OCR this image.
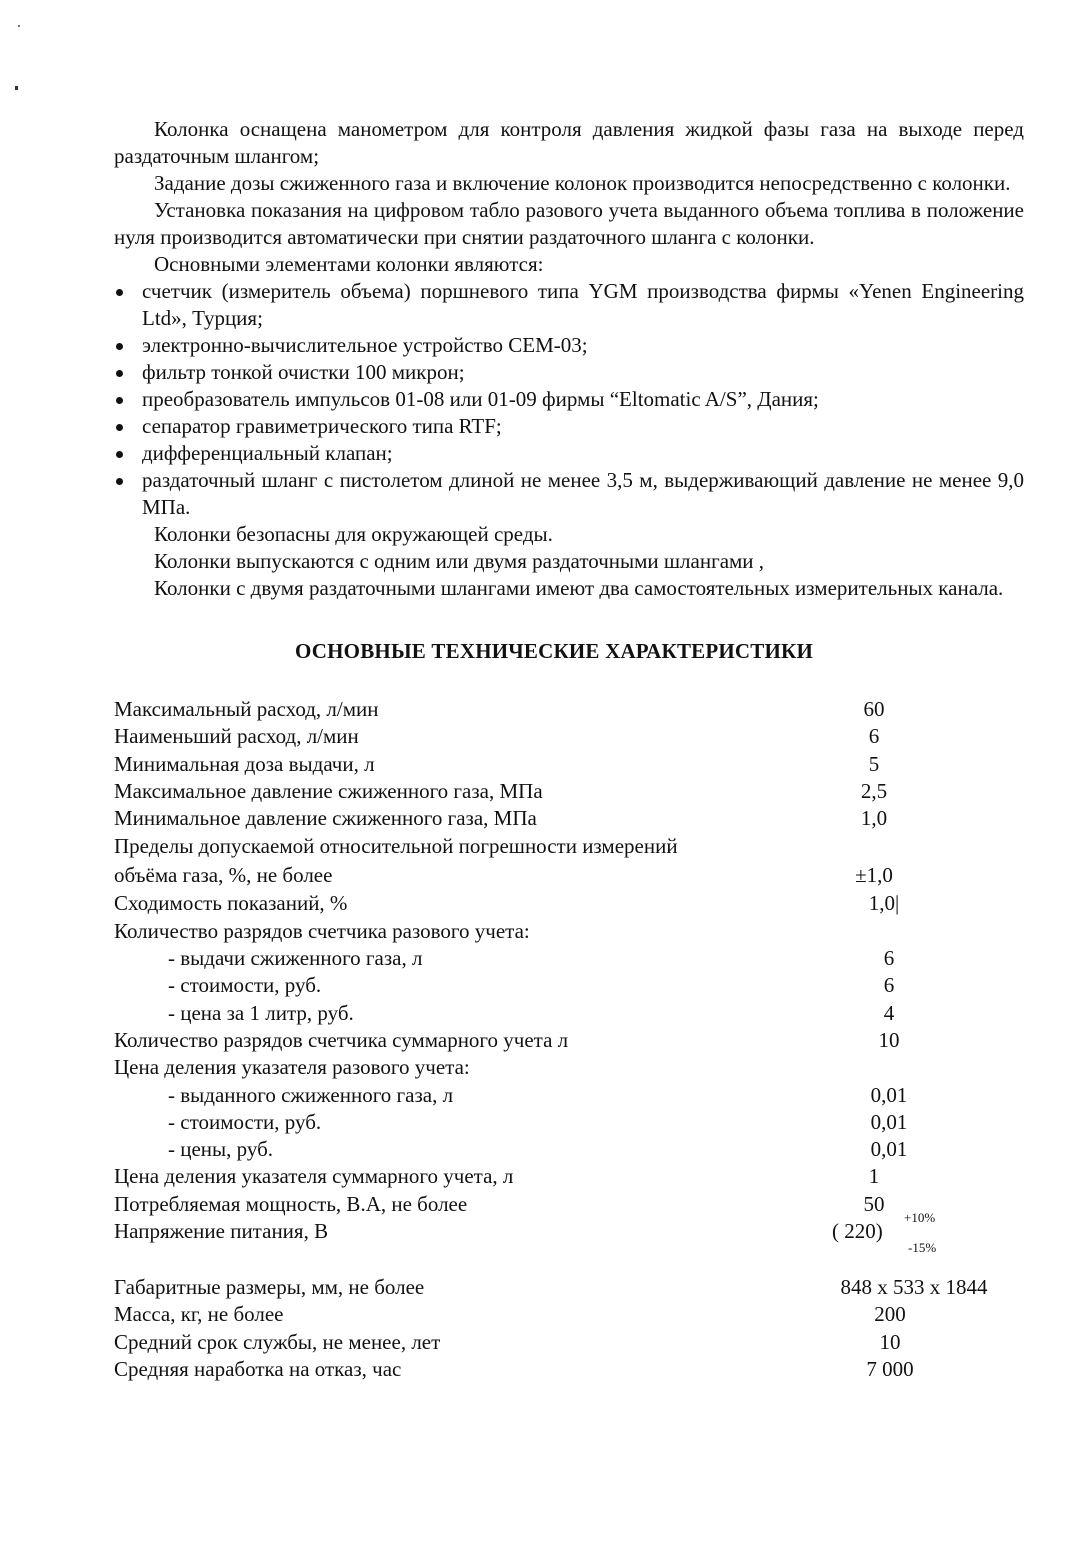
Колонка оснащена манометром для контроля давления жидкой фазы газа на выходе перед раздаточным шлангом;

Задание дозы сжиженного газа и включение колонок производится непосредственно с колонки.

Установка показания на цифровом табло разового учета выданного объема топлива в положение нуля производится автоматически при снятии раздаточного шланга с колонки.

Основными элементами колонки являются:

счетчик (измеритель объема) поршневого типа YGM производства фирмы «Yenen Engineering Ltd», Турция;
электронно-вычислительное устройство СЕМ-03;
фильтр тонкой очистки 100 микрон;
преобразователь импульсов 01-08 или 01-09 фирмы “Eltomatic A/S”, Дания;
сепаратор гравиметрического типа RTF;
дифференциальный клапан;
раздаточный шланг с пистолетом длиной не менее 3,5 м, выдерживающий давление не менее 9,0 МПа.

Колонки безопасны для окружающей среды.

Колонки выпускаются с одним или двумя раздаточными шлангами ,

Колонки с двумя раздаточными шлангами имеют два самостоятельных измерительных канала.

ОСНОВНЫЕ ТЕХНИЧЕСКИЕ ХАРАКТЕРИСТИКИ
Максимальный расход, л/мин	60
Наименьший расход, л/мин	6
Минимальная доза выдачи, л	5
Максимальное давление сжиженного газа, МПа	2,5
Минимальное давление сжиженного газа, МПа	1,0
Пределы допускаемой относительной погрешности измерений
объёма газа, %, не более	±1,0
Сходимость показаний, %	1,0|
Количество разрядов счетчика разового учета:
- выдачи сжиженного газа, л	6
- стоимости, руб.	6
- цена за 1 литр, руб.	4
Количество разрядов счетчика суммарного учета л	10
Цена деления указателя разового учета:
- выданного сжиженного газа, л	0,01
- стоимости, руб.	0,01
- цены, руб.	0,01
Цена деления указателя суммарного учета, л	1
Потребляемая мощность, В.А, не более	50
Напряжение питания, В	( 220)
+10%
-15%
Габаритные размеры, мм, не более	848 x 533 x 1844
Масса, кг, не более	200
Средний срок службы, не менее, лет	10
Средняя наработка на отказ, час	7 000
